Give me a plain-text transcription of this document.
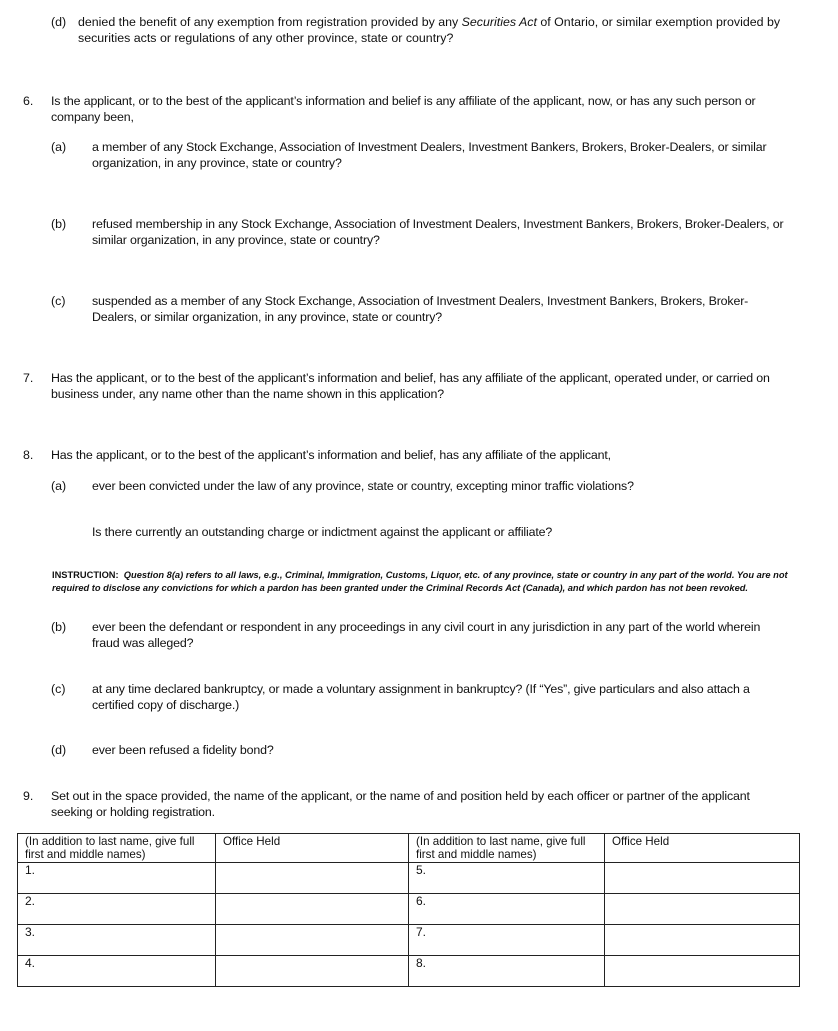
(d) denied the benefit of any exemption from registration provided by any Securities Act of Ontario, or similar exemption provided by securities acts or regulations of any other province, state or country?
6. Is the applicant, or to the best of the applicant’s information and belief is any affiliate of the applicant, now, or has any such person or company been,
(a) a member of any Stock Exchange, Association of Investment Dealers, Investment Bankers, Brokers, Broker-Dealers, or similar organization, in any province, state or country?
(b) refused membership in any Stock Exchange, Association of Investment Dealers, Investment Bankers, Brokers, Broker-Dealers, or similar organization, in any province, state or country?
(c) suspended as a member of any Stock Exchange, Association of Investment Dealers, Investment Bankers, Brokers, Broker-Dealers, or similar organization, in any province, state or country?
7. Has the applicant, or to the best of the applicant’s information and belief, has any affiliate of the applicant, operated under, or carried on business under, any name other than the name shown in this application?
8. Has the applicant, or to the best of the applicant’s information and belief, has any affiliate of the applicant,
(a) ever been convicted under the law of any province, state or country, excepting minor traffic violations?
Is there currently an outstanding charge or indictment against the applicant or affiliate?
INSTRUCTION: Question 8(a) refers to all laws, e.g., Criminal, Immigration, Customs, Liquor, etc. of any province, state or country in any part of the world. You are not required to disclose any convictions for which a pardon has been granted under the Criminal Records Act (Canada), and which pardon has not been revoked.
(b) ever been the defendant or respondent in any proceedings in any civil court in any jurisdiction in any part of the world wherein fraud was alleged?
(c) at any time declared bankruptcy, or made a voluntary assignment in bankruptcy? (If “Yes”, give particulars and also attach a certified copy of discharge.)
(d) ever been refused a fidelity bond?
9. Set out in the space provided, the name of the applicant, or the name of and position held by each officer or partner of the applicant seeking or holding registration.
(In addition to last name, give full first and middle names)	Office Held	(In addition to last name, give full first and middle names)	Office Held
1.		5.	
2.		6.	
3.		7.	
4.		8.	
